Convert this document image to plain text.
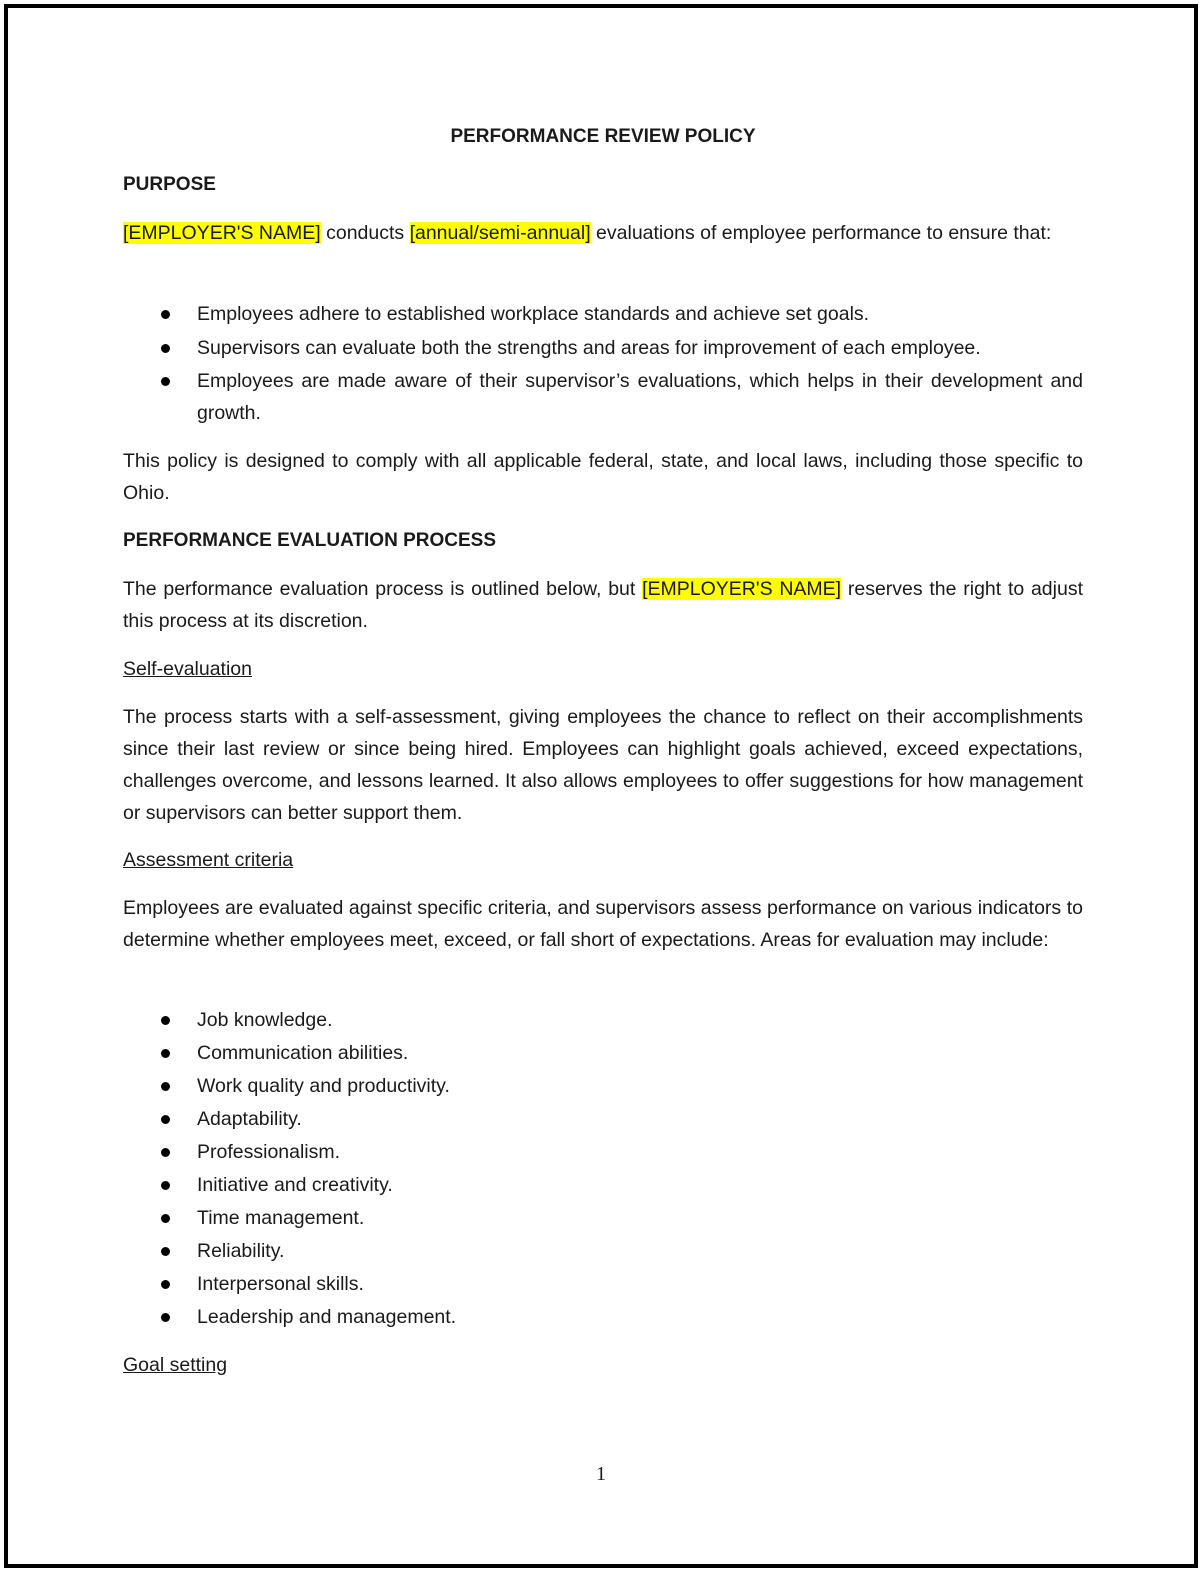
PERFORMANCE REVIEW POLICY
PURPOSE
[EMPLOYER'S NAME] conducts [annual/semi-annual] evaluations of employee performance to ensure that:
Employees adhere to established workplace standards and achieve set goals.
Supervisors can evaluate both the strengths and areas for improvement of each employee.
Employees are made aware of their supervisor’s evaluations, which helps in their development and growth.
This policy is designed to comply with all applicable federal, state, and local laws, including those specific to Ohio.
PERFORMANCE EVALUATION PROCESS
The performance evaluation process is outlined below, but [EMPLOYER'S NAME] reserves the right to adjust this process at its discretion.
Self-evaluation
The process starts with a self-assessment, giving employees the chance to reflect on their accomplishments since their last review or since being hired. Employees can highlight goals achieved, exceed expectations, challenges overcome, and lessons learned. It also allows employees to offer suggestions for how management or supervisors can better support them.
Assessment criteria
Employees are evaluated against specific criteria, and supervisors assess performance on various indicators to determine whether employees meet, exceed, or fall short of expectations. Areas for evaluation may include:
Job knowledge.
Communication abilities.
Work quality and productivity.
Adaptability.
Professionalism.
Initiative and creativity.
Time management.
Reliability.
Interpersonal skills.
Leadership and management.
Goal setting
1
